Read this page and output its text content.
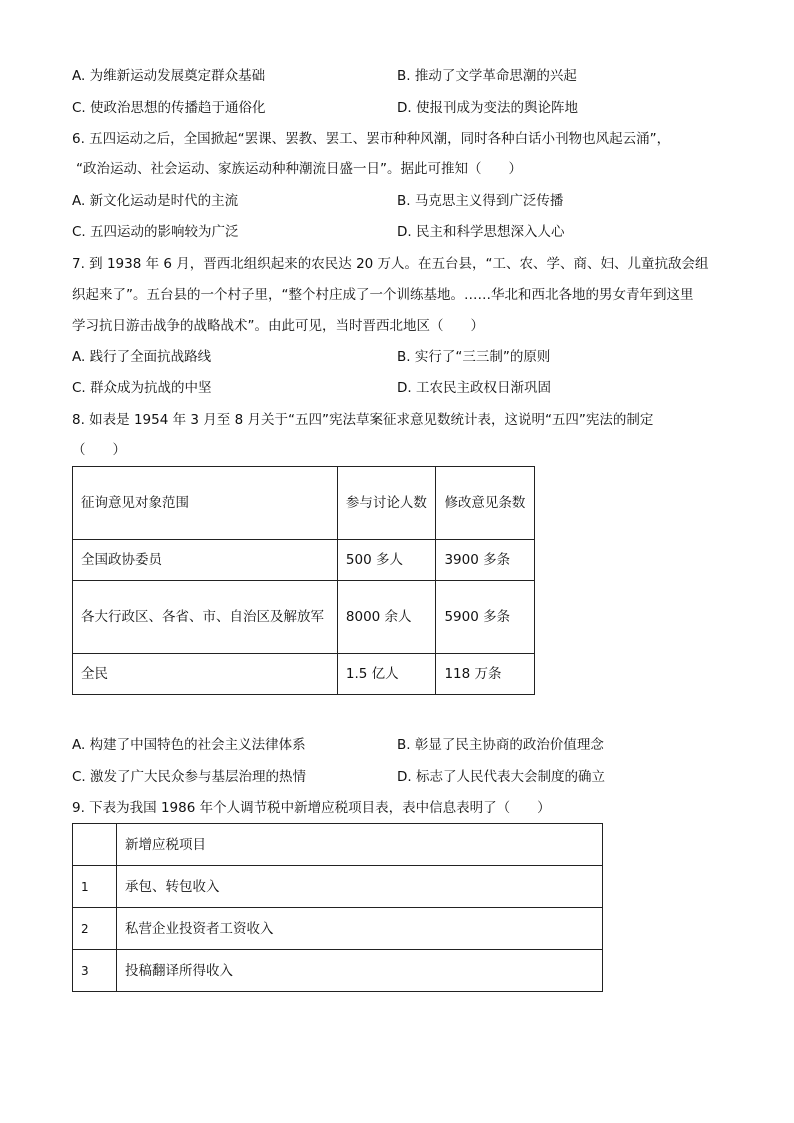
A. 为维新运动发展奠定群众基础	B. 推动了文学革命思潮的兴起
C. 使政治思想的传播趋于通俗化	D. 使报刊成为变法的舆论阵地
6. 五四运动之后，全国掀起“罢课、罢教、罢工、罢市种种风潮，同时各种白话小刊物也风起云涌”，
“政治运动、社会运动、家族运动种种潮流日盛一日”。据此可推知（　　）
A. 新文化运动是时代的主流	B. 马克思主义得到广泛传播
C. 五四运动的影响较为广泛	D. 民主和科学思想深入人心
7. 到 1938 年 6 月，晋西北组织起来的农民达 20 万人。在五台县，“工、农、学、商、妇、儿童抗敌会组
织起来了”。五台县的一个村子里，“整个村庄成了一个训练基地。……华北和西北各地的男女青年到这里
学习抗日游击战争的战略战术”。由此可见，当时晋西北地区（　　）
A. 践行了全面抗战路线	B. 实行了“三三制”的原则
C. 群众成为抗战的中坚	D. 工农民主政权日渐巩固
8. 如表是 1954 年 3 月至 8 月关于“五四”宪法草案征求意见数统计表，这说明“五四”宪法的制定
（　　）
征询意见对象范围	参与讨论人数	修改意见条数
全国政协委员	500 多人	3900 多条
各大行政区、各省、市、自治区及解放军	8000 余人	5900 多条
全民	1.5 亿人	118 万条
A. 构建了中国特色的社会主义法律体系	B. 彰显了民主协商的政治价值理念
C. 激发了广大民众参与基层治理的热情	D. 标志了人民代表大会制度的确立
9. 下表为我国 1986 年个人调节税中新增应税项目表，表中信息表明了（　　）
	新增应税项目
1	承包、转包收入
2	私营企业投资者工资收入
3	投稿翻译所得收入
